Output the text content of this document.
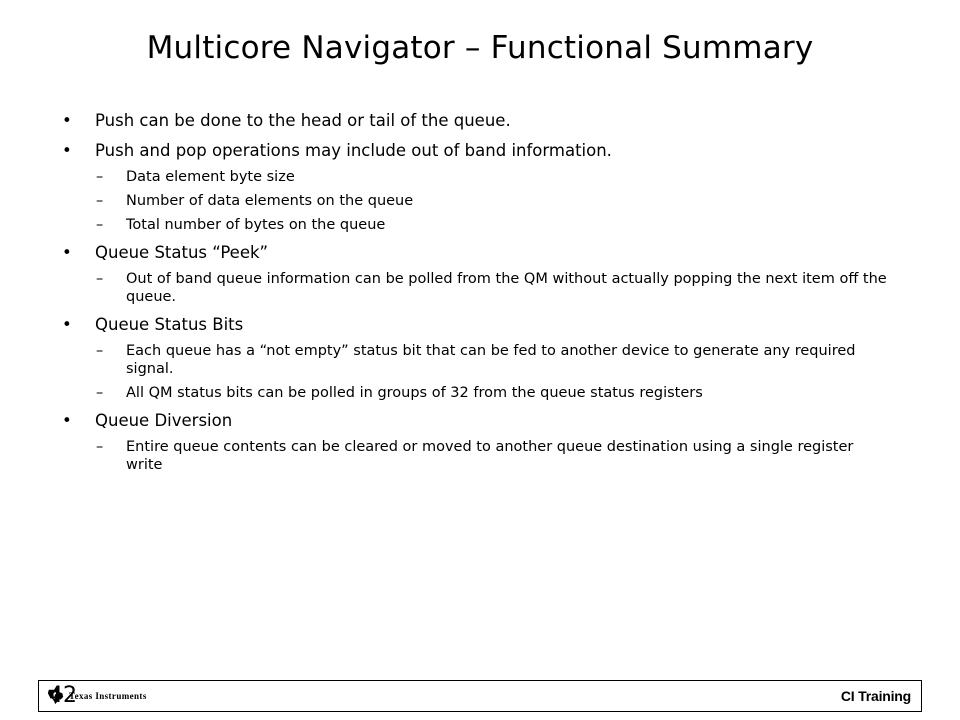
Multicore Navigator – Functional Summary
• Push can be done to the head or tail of the queue.
• Push and pop operations may include out of band information.
– Data element byte size
– Number of data elements on the queue
– Total number of bytes on the queue
• Queue Status “Peek”
– Out of band queue information can be polled from the QM without actually popping the next item off the queue.
• Queue Status Bits
– Each queue has a “not empty” status bit that can be fed to another device to generate any required signal.
– All QM status bits can be polled in groups of 32 from the queue status registers
• Queue Diversion
– Entire queue contents can be cleared or moved to another queue destination using a single register write
Texas Instruments
42	CI Training
